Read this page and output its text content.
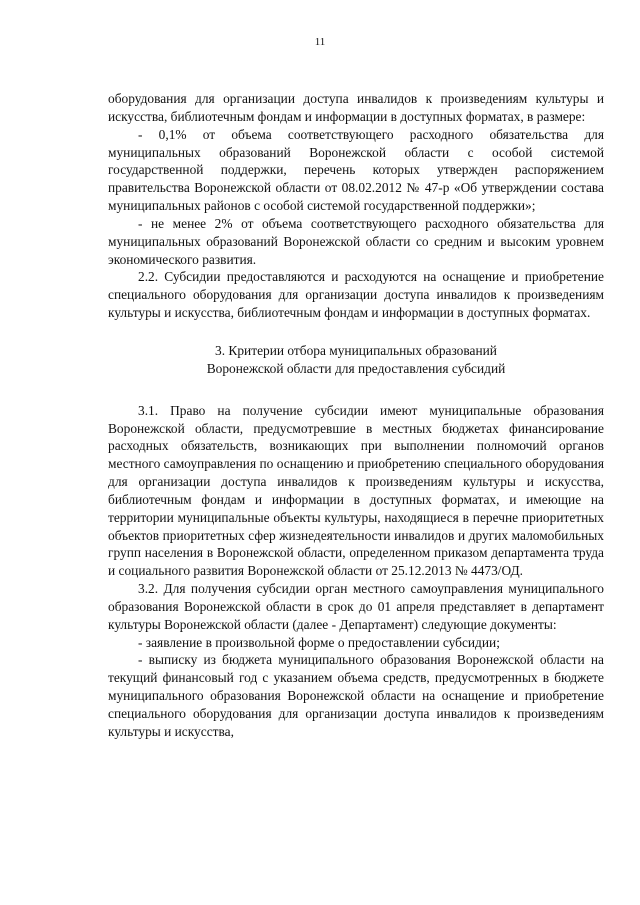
11

оборудования для организации доступа инвалидов к произведениям культуры и искусства, библиотечным фондам и информации в доступных форматах, в размере:

- 0,1% от объема соответствующего расходного обязательства для муниципальных образований Воронежской области с особой системой государственной поддержки, перечень которых утвержден распоряжением правительства Воронежской области от 08.02.2012 № 47-р «Об утверждении состава муниципальных районов с особой системой государственной поддержки»;

- не менее 2% от объема соответствующего расходного обязательства для муниципальных образований Воронежской области со средним и высоким уровнем экономического развития.

2.2. Субсидии предоставляются и расходуются на оснащение и приобретение специального оборудования для организации доступа инвалидов к произведениям культуры и искусства, библиотечным фондам и информации в доступных форматах.

3. Критерии отбора муниципальных образований
Воронежской области для предоставления субсидий

3.1. Право на получение субсидии имеют муниципальные образования Воронежской области, предусмотревшие в местных бюджетах финансирование расходных обязательств, возникающих при выполнении полномочий органов местного самоуправления по оснащению и приобретению специального оборудования для организации доступа инвалидов к произведениям культуры и искусства, библиотечным фондам и информации в доступных форматах, и имеющие на территории муниципальные объекты культуры, находящиеся в перечне приоритетных объектов приоритетных сфер жизнедеятельности инвалидов и других маломобильных групп населения в Воронежской области, определенном приказом департамента труда и социального развития Воронежской области от 25.12.2013 № 4473/ОД.

3.2. Для получения субсидии орган местного самоуправления муниципального образования Воронежской области в срок до 01 апреля представляет в департамент культуры Воронежской области (далее - Департамент) следующие документы:

- заявление в произвольной форме о предоставлении субсидии;

- выписку из бюджета муниципального образования Воронежской области на текущий финансовый год с указанием объема средств, предусмотренных в бюджете муниципального образования Воронежской области на оснащение и приобретение специального оборудования для организации доступа инвалидов к произведениям культуры и искусства,
